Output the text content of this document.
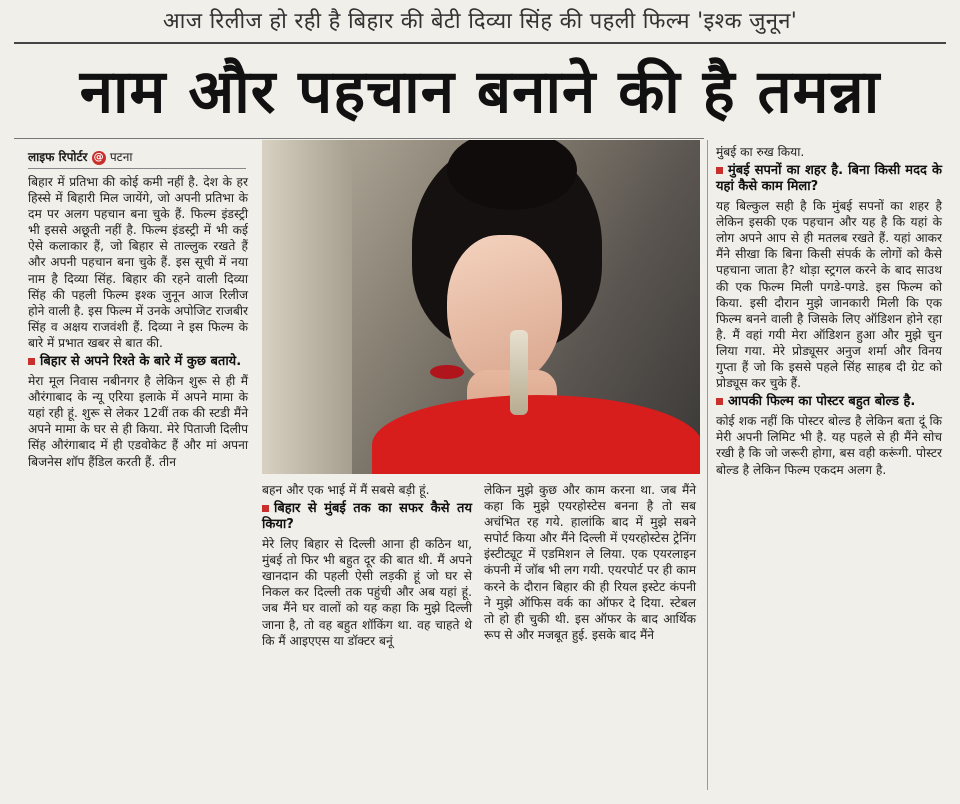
आज रिलीज हो रही है बिहार की बेटी दिव्या सिंह की पहली फिल्म 'इश्क जुनून'
नाम और पहचान बनाने की है तमन्ना
लाइफ रिपोर्टर @ पटना

बिहार में प्रतिभा की कोई कमी नहीं है. देश के हर हिस्से में बिहारी मिल जायेंगे, जो अपनी प्रतिभा के दम पर अलग पहचान बना चुके हैं. फिल्म इंडस्ट्री भी इससे अछूती नहीं है. फिल्म इंडस्ट्री में भी कई ऐसे कलाकार हैं, जो बिहार से ताल्लुक रखते हैं और अपनी पहचान बना चुके हैं. इस सूची में नया नाम है दिव्या सिंह. बिहार की रहने वाली दिव्या सिंह की पहली फिल्म इश्क जुनून आज रिलीज होने वाली है. इस फिल्म में उनके अपोजिट राजबीर सिंह व अक्षय राजवंशी हैं. दिव्या ने इस फिल्म के बारे में प्रभात खबर से बात की.

बिहार से अपने रिश्ते के बारे में कुछ बताये.

मेरा मूल निवास नबीनगर है लेकिन शुरू से ही मैं औरंगाबाद के न्यू एरिया इलाके में अपने मामा के यहां रही हूं. शुरू से लेकर 12वीं तक की स्टडी मैंने अपने मामा के घर से ही किया. मेरे पिताजी दिलीप सिंह औरंगाबाद में ही एडवोकेट हैं और मां अपना बिजनेस शॉप हैंडिल करती हैं. तीन

बहन और एक भाई में मैं सबसे बड़ी हूं.

बिहार से मुंबई तक का सफर कैसे तय किया?

मेरे लिए बिहार से दिल्ली आना ही कठिन था, मुंबई तो फिर भी बहुत दूर की बात थी. मैं अपने खानदान की पहली ऐसी लड़की हूं जो घर से निकल कर दिल्ली तक पहुंची और अब यहां हूं. जब मैंने घर वालों को यह कहा कि मुझे दिल्ली जाना है, तो वह बहुत शॉकिंग था. वह चाहते थे कि मैं आइएएस या डॉक्टर बनूं

लेकिन मुझे कुछ और काम करना था. जब मैंने कहा कि मुझे एयरहोस्टेस बनना है तो सब अचंभित रह गये. हालांकि बाद में मुझे सबने सपोर्ट किया और मैंने दिल्ली में एयरहोस्टेस ट्रेनिंग इंस्टीट्यूट में एडमिशन ले लिया. एक एयरलाइन कंपनी में जॉब भी लग गयी. एयरपोर्ट पर ही काम करने के दौरान बिहार की ही रियल इस्टेट कंपनी ने मुझे ऑफिस वर्क का ऑफर दे दिया. स्टेबल तो हो ही चुकी थी. इस ऑफर के बाद आर्थिक रूप से और मजबूत हुई. इसके बाद मैंने

मुंबई का रुख किया.

मुंबई सपनों का शहर है. बिना किसी मदद के यहां कैसे काम मिला?

यह बिल्कुल सही है कि मुंबई सपनों का शहर है लेकिन इसकी एक पहचान और यह है कि यहां के लोग अपने आप से ही मतलब रखते हैं. यहां आकर मैंने सीखा कि बिना किसी संपर्क के लोगों को कैसे पहचाना जाता है? थोड़ा स्ट्रगल करने के बाद साउथ की एक फिल्म मिली पगडे-पगडे. इस फिल्म को किया. इसी दौरान मुझे जानकारी मिली कि एक फिल्म बनने वाली है जिसके लिए ऑडिशन होने रहा है. मैं वहां गयी मेरा ऑडिशन हुआ और मुझे चुन लिया गया. मेरे प्रोड्यूसर अनुज शर्मा और विनय गुप्ता हैं जो कि इससे पहले सिंह साहब दी ग्रेट को प्रोड्यूस कर चुके हैं.

आपकी फिल्म का पोस्टर बहुत बोल्ड है.

कोई शक नहीं कि पोस्टर बोल्ड है लेकिन बता दूं कि मेरी अपनी लिमिट भी है. यह पहले से ही मैंने सोच रखी है कि जो जरूरी होगा, बस वही करूंगी. पोस्टर बोल्ड है लेकिन फिल्म एकदम अलग है.
